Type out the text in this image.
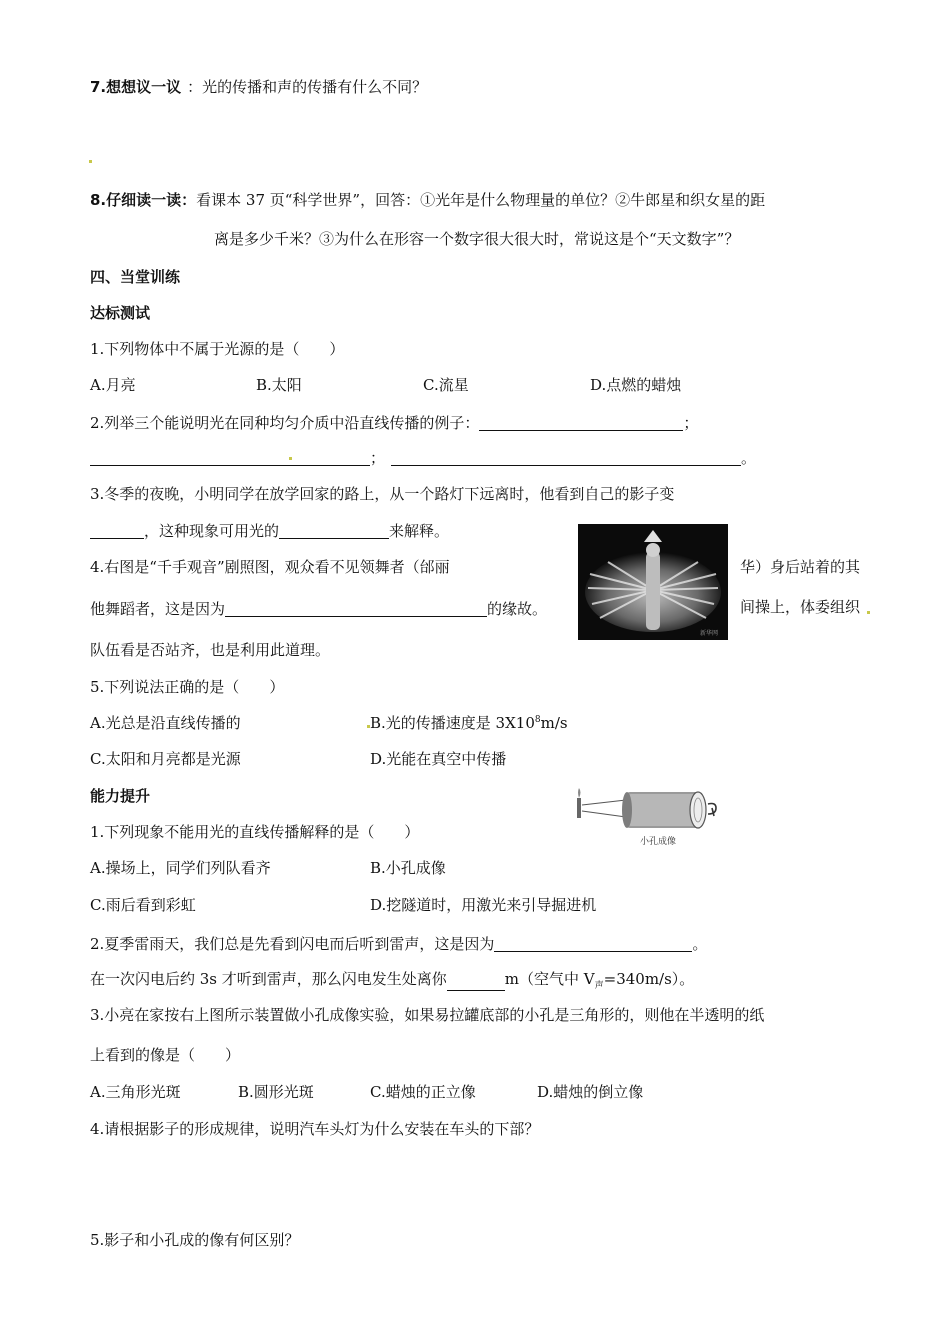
7.想想议一议 ：光的传播和声的传播有什么不同？
8.仔细读一读：看课本 37 页“科学世界”，回答：①光年是什么物理量的单位？②牛郎星和织女星的距
离是多少千米？③为什么在形容一个数字很大很大时，常说这是个“天文数字”？
四、当堂训练
达标测试
1.下列物体中不属于光源的是（　　）
A.月亮	B.太阳	C.流星	D.点燃的蜡烛
2.列举三个能说明光在同种均匀介质中沿直线传播的例子：	；
；	。
3.冬季的夜晚，小明同学在放学回家的路上，从一个路灯下远离时，他看到自己的影子变
，这种现象可用光的	来解释。
4.右图是“千手观音”剧照图，观众看不见领舞者（邰丽	华）身后站着的其
他舞蹈者，这是因为	的缘故。	间操上，体委组织
队伍看是否站齐，也是利用此道理。
新华网
5.下列说法正确的是（　　）
A.光总是沿直线传播的	B.光的传播速度是 $3X10^8m/s$
C.太阳和月亮都是光源	D.光能在真空中传播
能力提升
小孔成像
1.下列现象不能用光的直线传播解释的是（　　）
A.操场上，同学们列队看齐	B.小孔成像
C.雨后看到彩虹	D.挖隧道时，用激光来引导掘进机
2.夏季雷雨天，我们总是先看到闪电而后听到雷声，这是因为	。
在一次闪电后约 3s 才听到雷声，那么闪电发生处离你	m（空气中 $V_声=340m/s$）。
3.小亮在家按右上图所示装置做小孔成像实验，如果易拉罐底部的小孔是三角形的，则他在半透明的纸
上看到的像是（　　）
A.三角形光斑	B.圆形光斑	C.蜡烛的正立像	D.蜡烛的倒立像
4.请根据影子的形成规律，说明汽车头灯为什么安装在车头的下部？
5.影子和小孔成的像有何区别？
